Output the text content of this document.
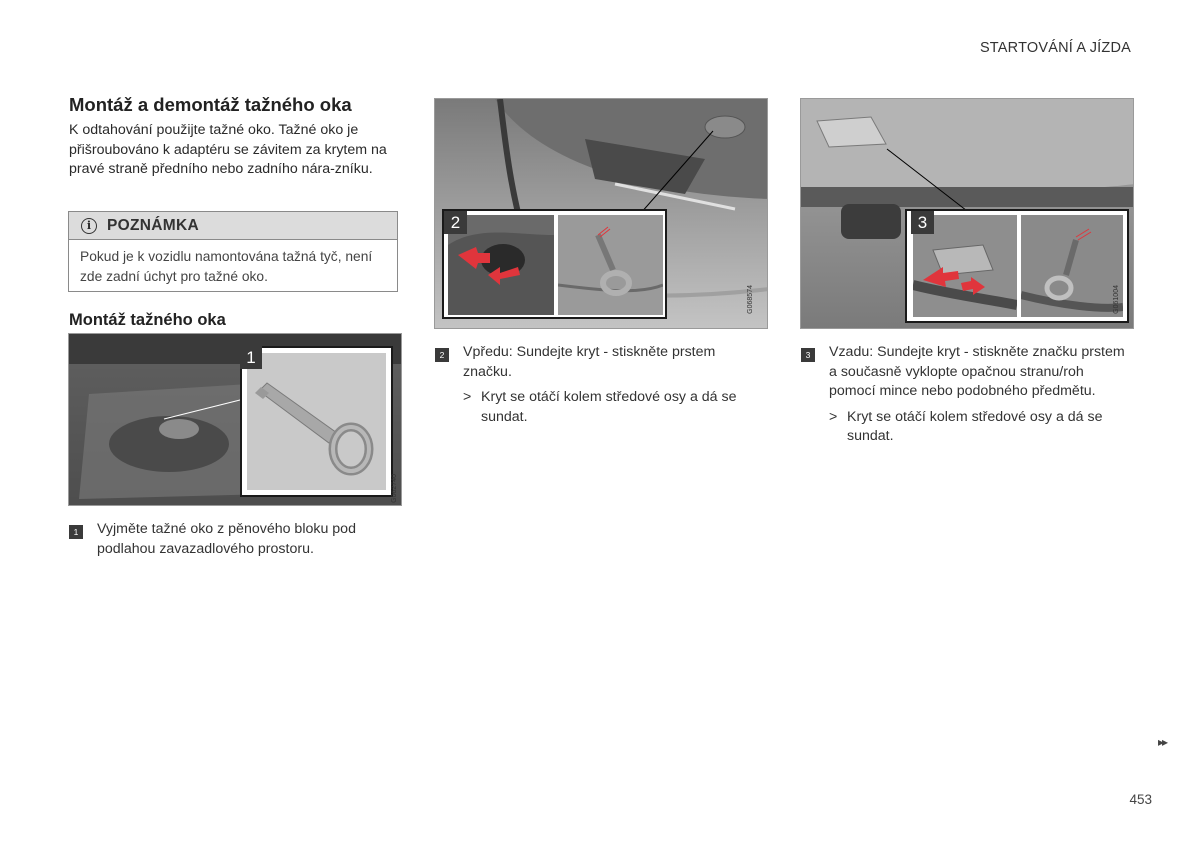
STARTOVÁNÍ A JÍZDA
Montáž a demontáž tažného oka
K odtahování použijte tažné oko. Tažné oko je přišroubováno k adaptéru se závitem za krytem na pravé straně předního nebo zadního nára-zníku.
i	POZNÁMKA
Pokud je k vozidlu namontována tažná tyč, není zde zadní úchyt pro tažné oko.
Montáž tažného oka
1
G062740
1	Vyjměte tažné oko z pěnového bloku pod podlahou zavazadlového prostoru.
2
G068574
2	Vpředu: Sundejte kryt - stiskněte prstem značku.
> Kryt se otáčí kolem středové osy a dá se sundat.
3
G061004
3	Vzadu: Sundejte kryt - stiskněte značku prstem a současně vyklopte opačnou stranu/roh pomocí mince nebo podobného předmětu.
> Kryt se otáčí kolem středové osy a dá se sundat.
▸▸
453
